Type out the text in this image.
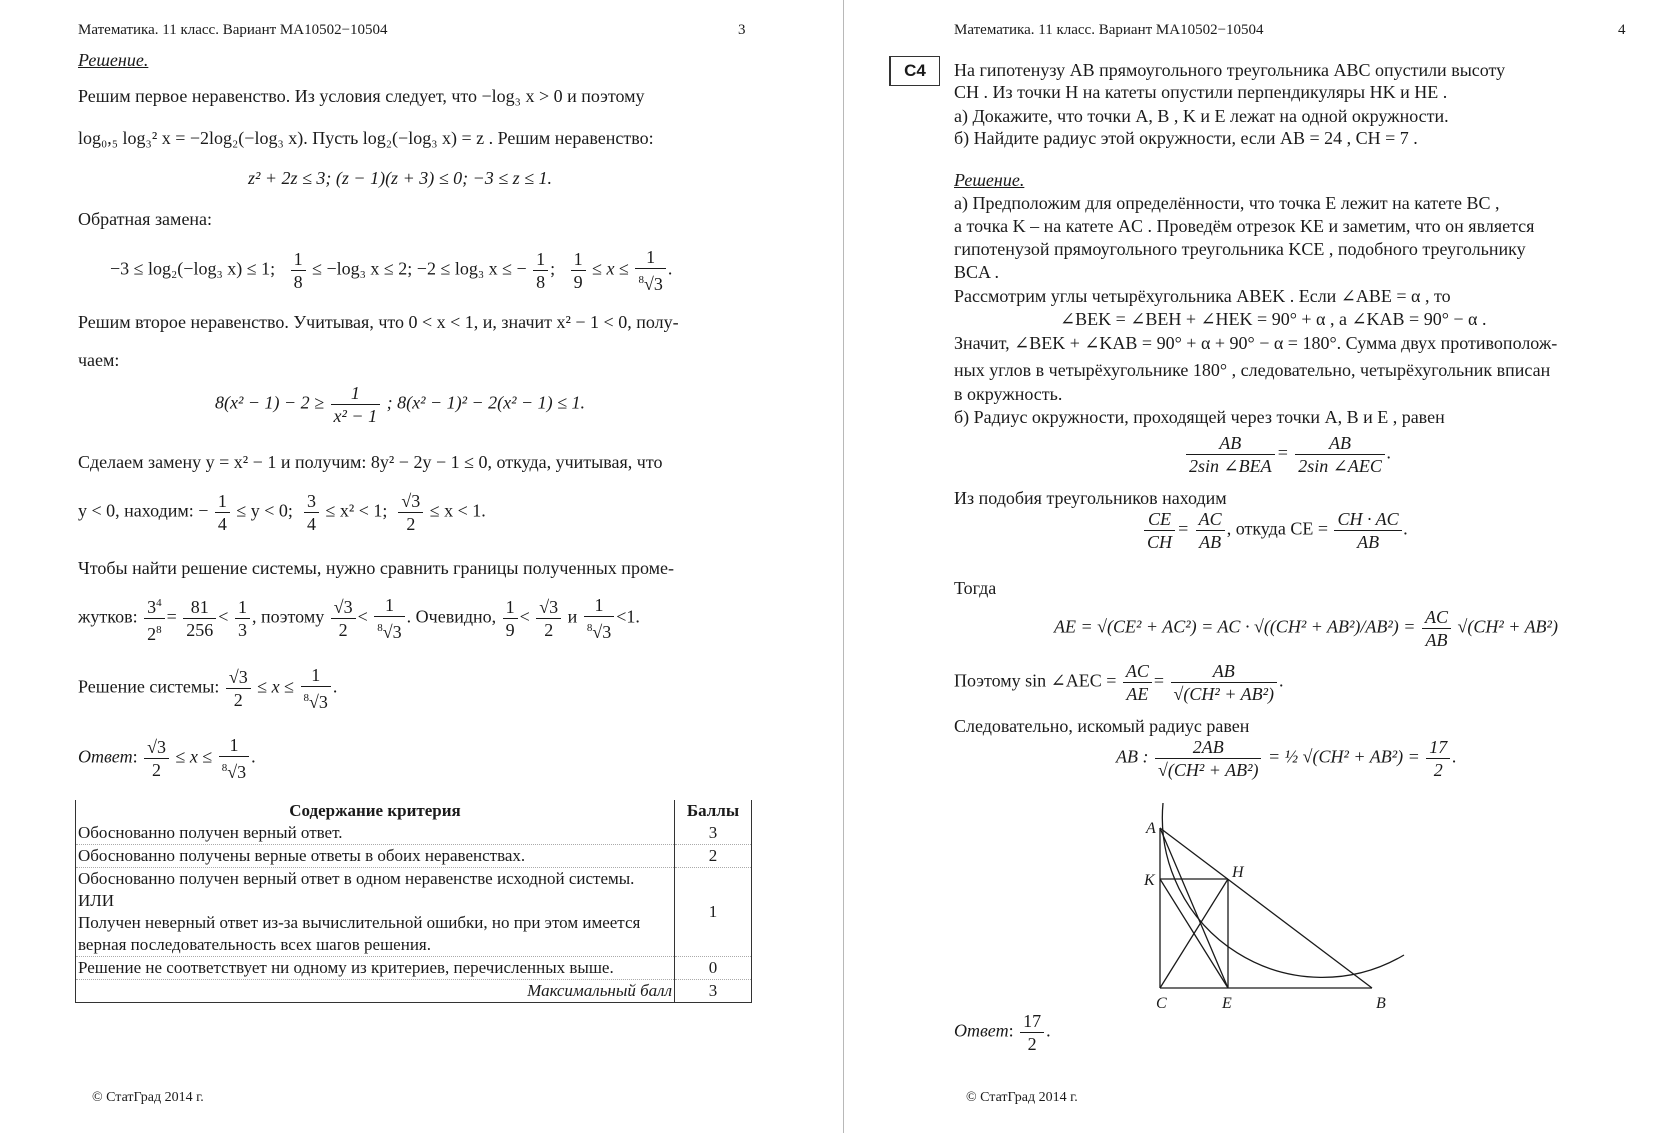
Математика. 11 класс. Вариант МА10502−10504	3
Решение.
Решим первое неравенство. Из условия следует, что −log₃ x > 0 и поэтому
log₀,₅ log₃² x = −2log₂(−log₃ x). Пусть log₂(−log₃ x) = z . Решим неравенство:
z² + 2z ≤ 3; (z − 1)(z + 3) ≤ 0; −3 ≤ z ≤ 1.
Обратная замена:
−3 ≤ log₂(−log₃ x) ≤ 1; $\frac{1}{8} \le -\log_3$ x ≤ 2; −2 ≤ log₃ x ≤ − $\frac{1}{8}$ ; $\frac{1}{9} \le x \le \frac{1}{^8√3}$ .
Решим второе неравенство. Учитывая, что 0 < x < 1, и, значит x² − 1 < 0, полу-
чаем:
$8(x^2 - 1) - 2 \ge \frac{1}{\text{x² − 1}}$ ; 8(x² − 1)² − 2(x² − 1) ≤ 1.
Сделаем замену y = x² − 1 и получим: 8y² − 2y − 1 ≤ 0, откуда, учитывая, что
y < 0, находим: − $\frac{1}{4} \le y < 0$; $\frac{3}{4} \le x^2 < 1$; $\frac{√3}{2} \le x < 1$.
Чтобы найти решение системы, нужно сравнить границы полученных проме-
жутков: $\frac{3^4}{2^8} = \frac{81}{256} < \frac{1}{3}$ , поэтому $\frac{√3}{2} < \frac{1}{^8√3}$ . Очевидно, $\frac{1}{9} < \frac{√3}{2}$ и $\frac{1}{^8√3} <1$.
Решение системы: $\frac{√3}{2} \le x \le \frac{1}{^8√3}$ .
Ответ: $\frac{√3}{2} \le x \le \frac{1}{^8√3}$ .
Содержание критерия	Баллы
Обоснованно получен верный ответ.	3
Обоснованно получены верные ответы в обоих неравенствах.	2

Обоснованно получен верный ответ в одном неравенстве исходной системы.
ИЛИ
Получен неверный ответ из-за вычислительной ошибки, но при этом имеется верная последовательность всех шагов решения.	1
Решение не соответствует ни одному из критериев, перечисленных выше.	0
Максимальный балл	3
© СтатГрад 2014 г.
Математика. 11 класс. Вариант МА10502−10504	4
C4	На гипотенузу AB прямоугольного треугольника ABC опустили высоту
CH . Из точки H на катеты опустили перпендикуляры HK и HE .
а) Докажите, что точки A, B , K и E лежат на одной окружности.
б) Найдите радиус этой окружности, если AB = 24 , CH = 7 .
Решение.
а) Предположим для определённости, что точка E лежит на катете BC ,
а точка K – на катете AC . Проведём отрезок KE и заметим, что он является
гипотенузой прямоугольного треугольника KCE , подобного треугольнику
BCA .
Рассмотрим углы четырёхугольника ABEK . Если ∠ABE = α , то
∠BEK = ∠BEH + ∠HEK = 90° + α , а ∠KAB = 90° − α .
Значит, ∠BEK + ∠KAB = 90° + α + 90° − α = 180°. Сумма двух противополож-
ных углов в четырёхугольнике 180° , следовательно, четырёхугольник вписан
в окружность.
б) Радиус окружности, проходящей через точки A, B и E , равен
$\frac{AB}{\text{2sin ∠BEA}} = \frac{AB}{\text{2sin ∠AEC}}$ .
Из подобия треугольников находим
$\frac{CE}{CH} = \frac{AC}{AB}$ , откуда CE = $\frac{CH \cdot AC}{AB}$ .
Тогда
AE = √(CE² + AC²) = AC · $√((CH^2 + AB^2)/AB^2) = \frac{AC}{AB} √(CH^2 + AB^2)$
Поэтому sin ∠AEC = $\frac{AC}{AE} = \frac{AB}{\text{√(CH² + AB²)}}$ .
Следовательно, искомый радиус равен
AB : $\frac{2AB}{\text{√(CH² + AB²)}}$ = ½ $√(CH^2 + AB^2) = \frac{17}{2}$ .
A
K	H
C	E	B
Ответ: $\frac{17}{2}$ .
© СтатГрад 2014 г.
